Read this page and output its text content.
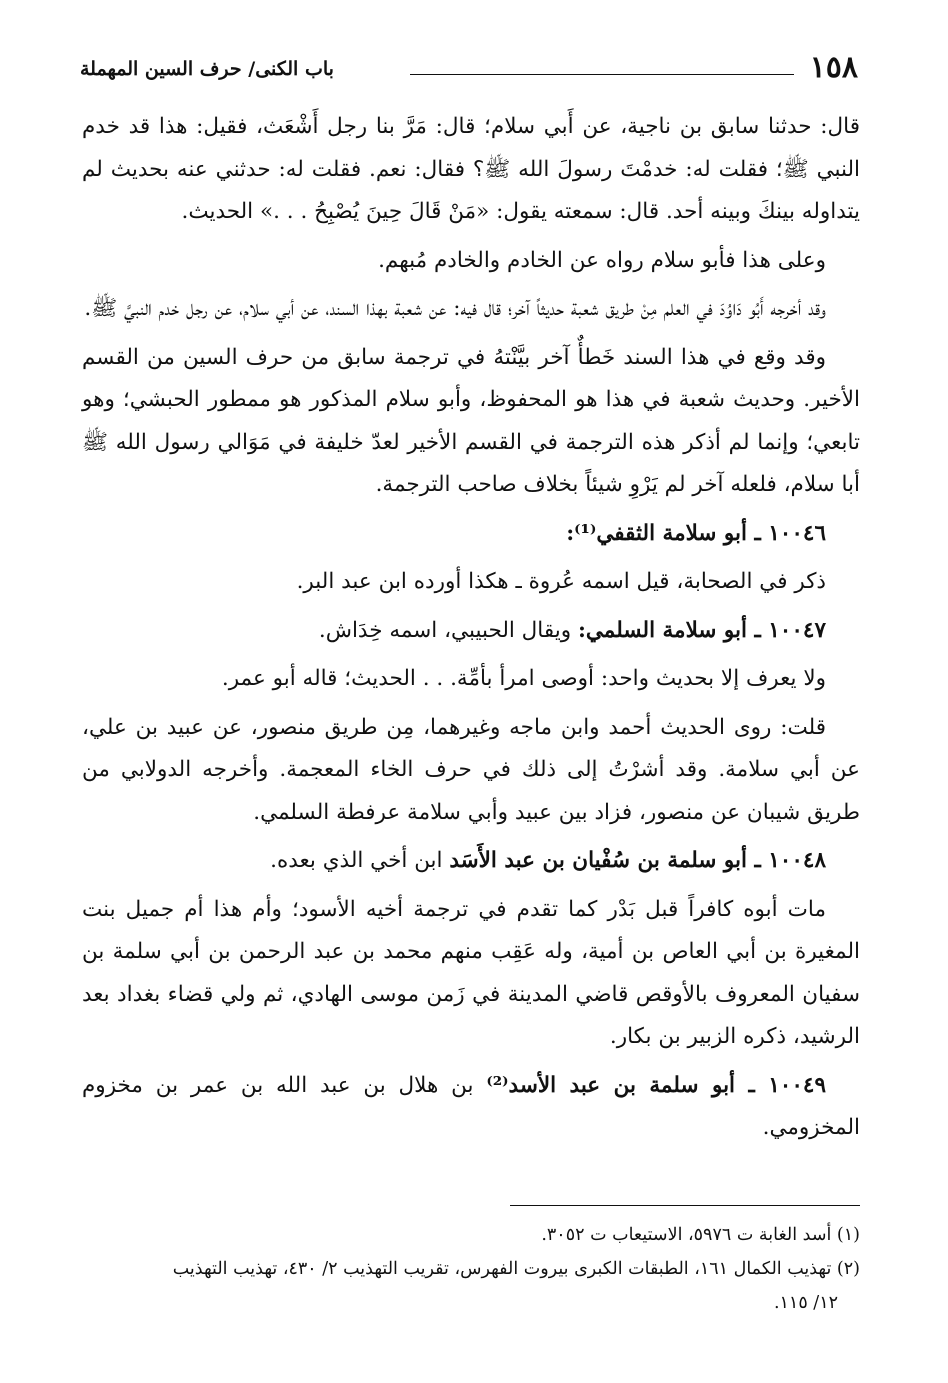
١٥٨
باب الكنى/ حرف السين المهملة

قال: حدثنا سابق بن ناجية، عن أَبي سلام؛ قال: مَرَّ بنا رجل أَشْعَث، فقيل: هذا قد خدم النبي ﷺ؛ فقلت له: خدمْتَ رسولَ الله ﷺ؟ فقال: نعم. فقلت له: حدثني عنه بحديث لم يتداوله بينكَ وبينه أحد. قال: سمعته يقول: «مَنْ قَالَ حِينَ يُصْبِحُ . . .» الحديث.

وعلى هذا فأبو سلام رواه عن الخادم والخادم مُبهم.

وقد أخرجه أَبُو دَاوُدَ في العلم مِنْ طريق شعبة حديثاً آخر؛ قال فيه: عن شعبة بهذا السند، عن أبي سلام، عن رجل خدم النبيَّ ﷺ.

وقد وقع في هذا السند خَطأٌ آخر بيَّنْتهُ في ترجمة سابق من حرف السين من القسم الأخير. وحديث شعبة في هذا هو المحفوظ، وأبو سلام المذكور هو ممطور الحبشي؛ وهو تابعي؛ وإنما لم أذكر هذه الترجمة في القسم الأخير لعدّ خليفة في مَوَالي رسول الله ﷺ أبا سلام، فلعله آخر لم يَرْوِ شيئاً بخلاف صاحب الترجمة.

١٠٠٤٦ ـ أبو سلامة الثقفي⁽¹⁾:

ذكر في الصحابة، قيل اسمه عُروة ـ هكذا أورده ابن عبد البر.

١٠٠٤٧ ـ أبو سلامة السلمي: ويقال الحبيبي، اسمه خِدَاش.

ولا يعرف إلا بحديث واحد: أوصى امرأ بأمِّة. . . الحديث؛ قاله أبو عمر.

قلت: روى الحديث أحمد وابن ماجه وغيرهما، مِن طريق منصور، عن عبيد بن علي، عن أبي سلامة. وقد أشرْتُ إلى ذلك في حرف الخاء المعجمة. وأخرجه الدولابي من طريق شيبان عن منصور، فزاد بين عبيد وأبي سلامة عرفطة السلمي.

١٠٠٤٨ ـ أبو سلمة بن سُفْيان بن عبد الأَسَد ابن أخي الذي بعده.

مات أبوه كافراً قبل بَدْر كما تقدم في ترجمة أخيه الأسود؛ وأم هذا أم جميل بنت المغيرة بن أبي العاص بن أمية، وله عَقِب منهم محمد بن عبد الرحمن بن أبي سلمة بن سفيان المعروف بالأوقص قاضي المدينة في زَمن موسى الهادي، ثم ولي قضاء بغداد بعد الرشيد، ذكره الزبير بن بكار.

١٠٠٤٩ ـ أبو سلمة بن عبد الأسد⁽²⁾ بن هلال بن عبد الله بن عمر بن مخزوم المخزومي.

(١) أسد الغابة ت ٥٩٧٦، الاستيعاب ت ٣٠٥٢.

(٢) تهذيب الكمال ١٦١، الطبقات الكبرى بيروت الفهرس، تقريب التهذيب ٢/ ٤٣٠، تهذيب التهذيب

١٢/ ١١٥.
